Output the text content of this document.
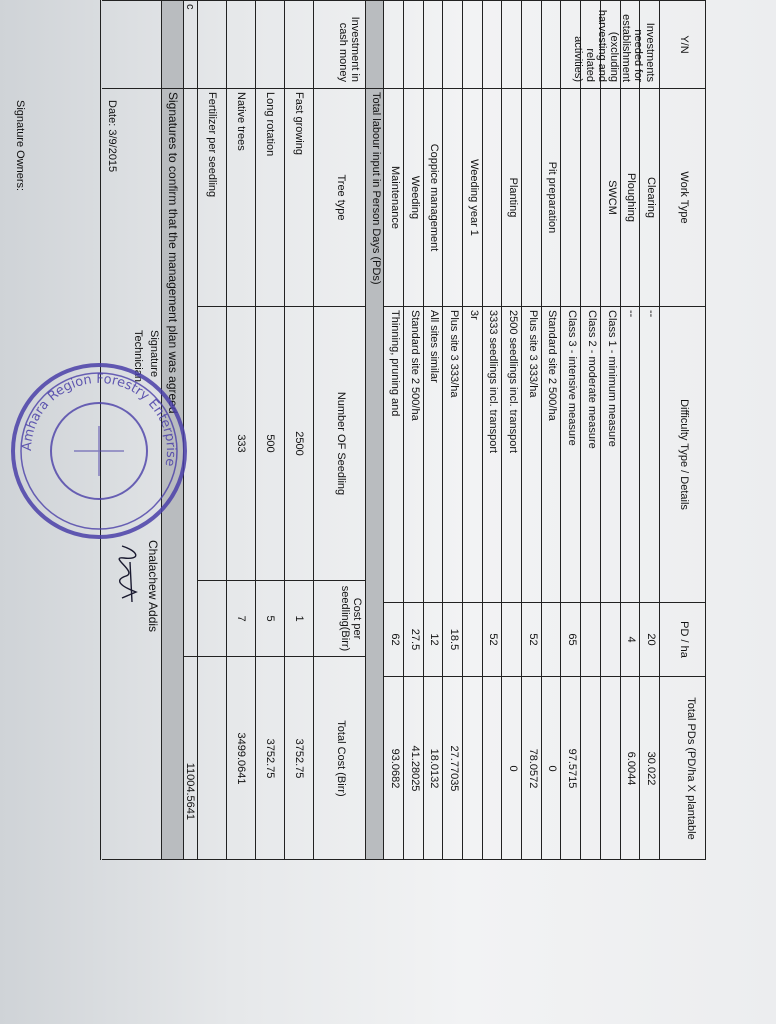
Y/N
Work Type
Difficulty Type / Details
PD / ha
Total PDs (PD/ha X plantable
Clearing
--
20
30.022
Ploughing
--
4
6.0044
SWCM
Class 1 - minimum measure
Class 2 - moderate measure
Class 3 - intensive measure
65
97.5715
Pit preparation
Standard site 2 500/ha
0
Plus site 3 333/ha
52
78.0572
Planting
2500 seedlings incl. transport
0
3333 seedlings incl. transport
52
Weeding year 1
3r
Plus site 3 333/ha
18.5
27.77035
Coppice management
All sites similar
12
18.0132
Weeding
Standard site 2 500/ha
27.5
41.28025
Maintenance
Thinning, pruning and
62
93.0682
Total labour input in Person Days (PDs)
Tree type
Number OF Seedling
Cost per seedling(Birr)
Total Cost (Birr)
Fast growing
2500
1
3752.75
Long rotation
500
5
3752.75
Native trees
333
7
3499.0641
Fertilizer per seedling
c
11004.5641
Signatures to confirm that the management plan was agreed
Signature
Technician
Chalachew Addis
Date: 3/9/2015
Signature Owners:
Investments needed for establishment (excluding harvesting and related activities)
Investment in cash money
Amhara Region Forestry Enterprise
